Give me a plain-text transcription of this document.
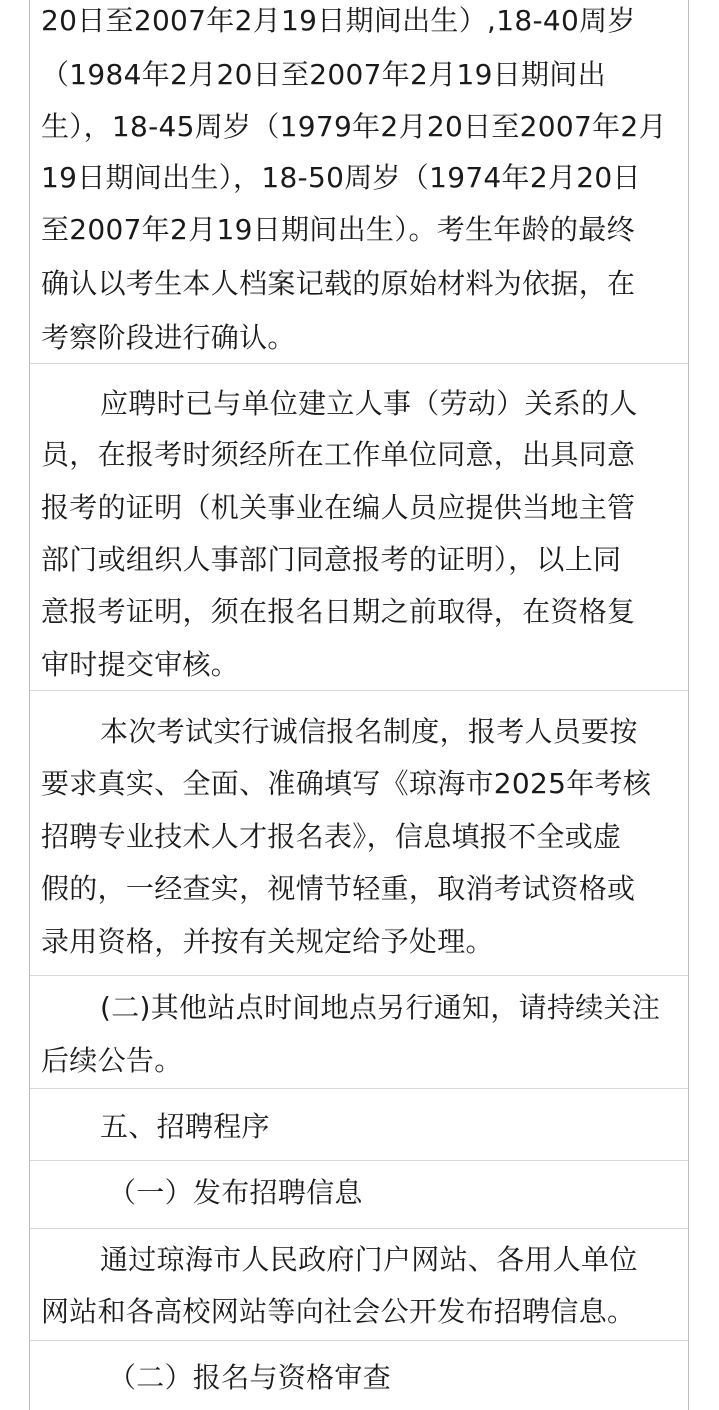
20日至2007年2月19日期间出生）,18-40周岁
（1984年2月20日至2007年2月19日期间出
生），18-45周岁（1979年2月20日至2007年2月
19日期间出生），18-50周岁（1974年2月20日
至2007年2月19日期间出生）。考生年龄的最终
确认以考生本人档案记载的原始材料为依据，在
考察阶段进行确认。
应聘时已与单位建立人事（劳动）关系的人
员，在报考时须经所在工作单位同意，出具同意
报考的证明（机关事业在编人员应提供当地主管
部门或组织人事部门同意报考的证明），以上同
意报考证明，须在报名日期之前取得，在资格复
审时提交审核。
本次考试实行诚信报名制度，报考人员要按
要求真实、全面、准确填写《琼海市2025年考核
招聘专业技术人才报名表》，信息填报不全或虚
假的，一经查实，视情节轻重，取消考试资格或
录用资格，并按有关规定给予处理。
(二)其他站点时间地点另行通知，请持续关注
后续公告。
五、招聘程序
（一）发布招聘信息
通过琼海市人民政府门户网站、各用人单位
网站和各高校网站等向社会公开发布招聘信息。
（二）报名与资格审查
